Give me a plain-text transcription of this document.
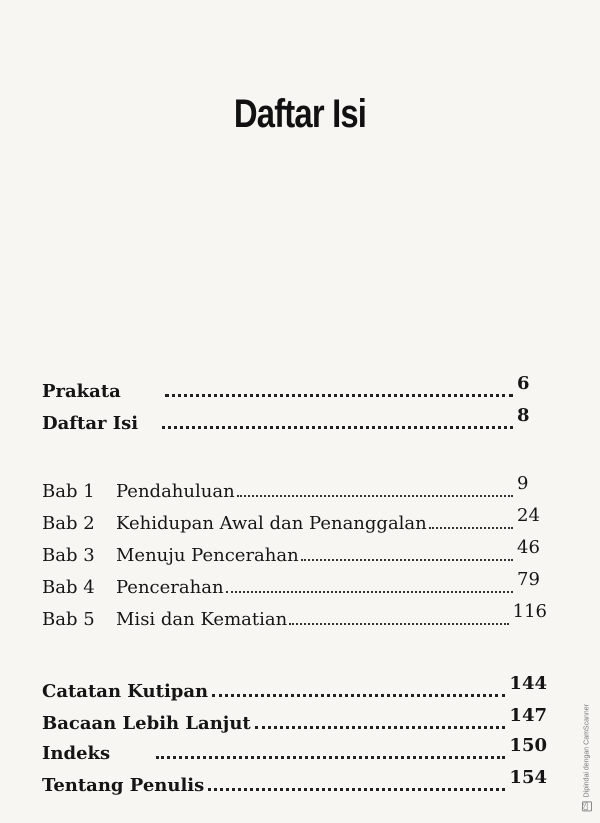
Daftar Isi
Prakata	6
Daftar Isi	8
Bab 1	Pendahuluan	9
Bab 2	Kehidupan Awal dan Penanggalan	24
Bab 3	Menuju Pencerahan	46
Bab 4	Pencerahan	79
Bab 5	Misi dan Kematian	116
Catatan Kutipan	144
Bacaan Lebih Lanjut	147
Indeks	150
Tentang Penulis	154
CS
Dipindai dengan CamScanner
